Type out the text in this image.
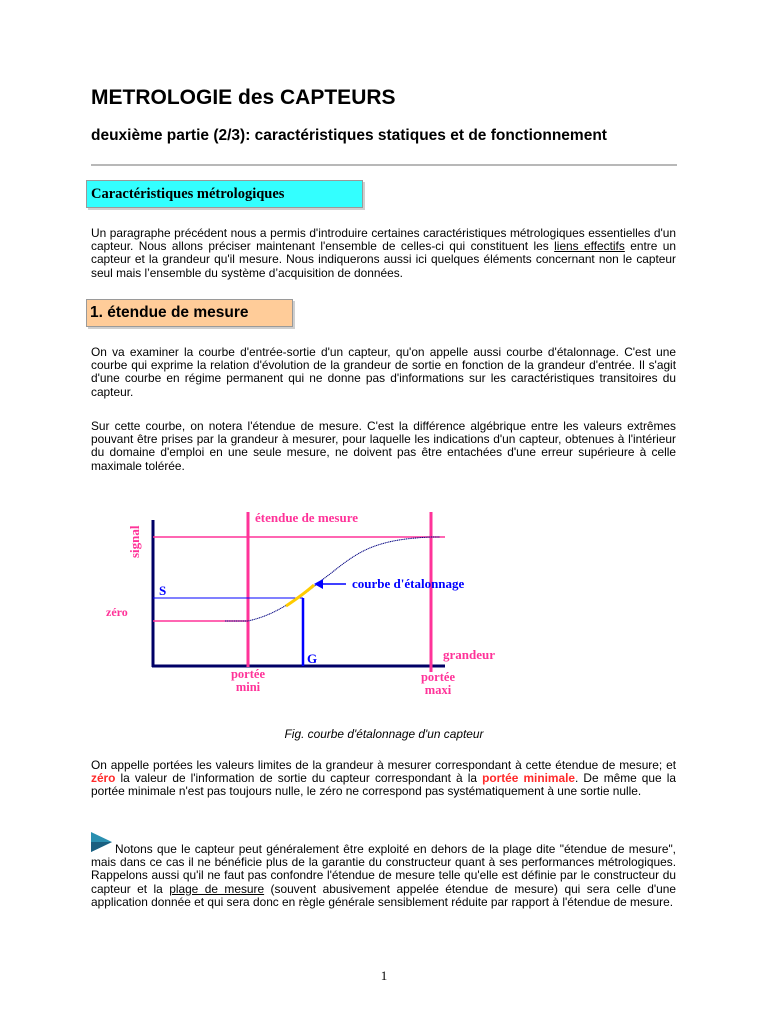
METROLOGIE des CAPTEURS
deuxième partie (2/3): caractéristiques statiques et de fonctionnement
Caractéristiques métrologiques

Un paragraphe précédent nous a permis d'introduire certaines caractéristiques métrologiques essentielles d'un capteur. Nous allons préciser maintenant l'ensemble de celles-ci qui constituent les liens effectifs entre un capteur et la grandeur qu'il mesure. Nous indiquerons aussi ici quelques éléments concernant non le capteur seul mais l’ensemble du système d’acquisition de données.

1. étendue de mesure

On va examiner la courbe d'entrée-sortie d'un capteur, qu'on appelle aussi courbe d'étalonnage. C'est une courbe qui exprime la relation d'évolution de la grandeur de sortie en fonction de la grandeur d'entrée. Il s'agit d'une courbe en régime permanent qui ne donne pas d'informations sur les caractéristiques transitoires du capteur.

Sur cette courbe, on notera l'étendue de mesure. C'est la différence algébrique entre les valeurs extrêmes pouvant être prises par la grandeur à mesurer, pour laquelle les indications d'un capteur, obtenues à l'intérieur du domaine d'emploi en une seule mesure, ne doivent pas être entachées d'une erreur supérieure à celle maximale tolérée.

signal
étendue de mesure
S
zéro
courbe d'étalonnage
G	grandeur
portée
mini
portée
maxi

Fig. courbe d'étalonnage d'un capteur

On appelle portées les valeurs limites de la grandeur à mesurer correspondant à cette étendue de mesure; et zéro la valeur de l'information de sortie du capteur correspondant à la portée minimale. De même que la portée minimale n'est pas toujours nulle, le zéro ne correspond pas systématiquement à une sortie nulle.

Notons que le capteur peut généralement être exploité en dehors de la plage dite "étendue de mesure", mais dans ce cas il ne bénéficie plus de la garantie du constructeur quant à ses performances métrologiques. Rappelons aussi qu'il ne faut pas confondre l'étendue de mesure telle qu'elle est définie par le constructeur du capteur et la plage de mesure (souvent abusivement appelée étendue de mesure) qui sera celle d'une application donnée et qui sera donc en règle générale sensiblement réduite par rapport à l'étendue de mesure.

1
